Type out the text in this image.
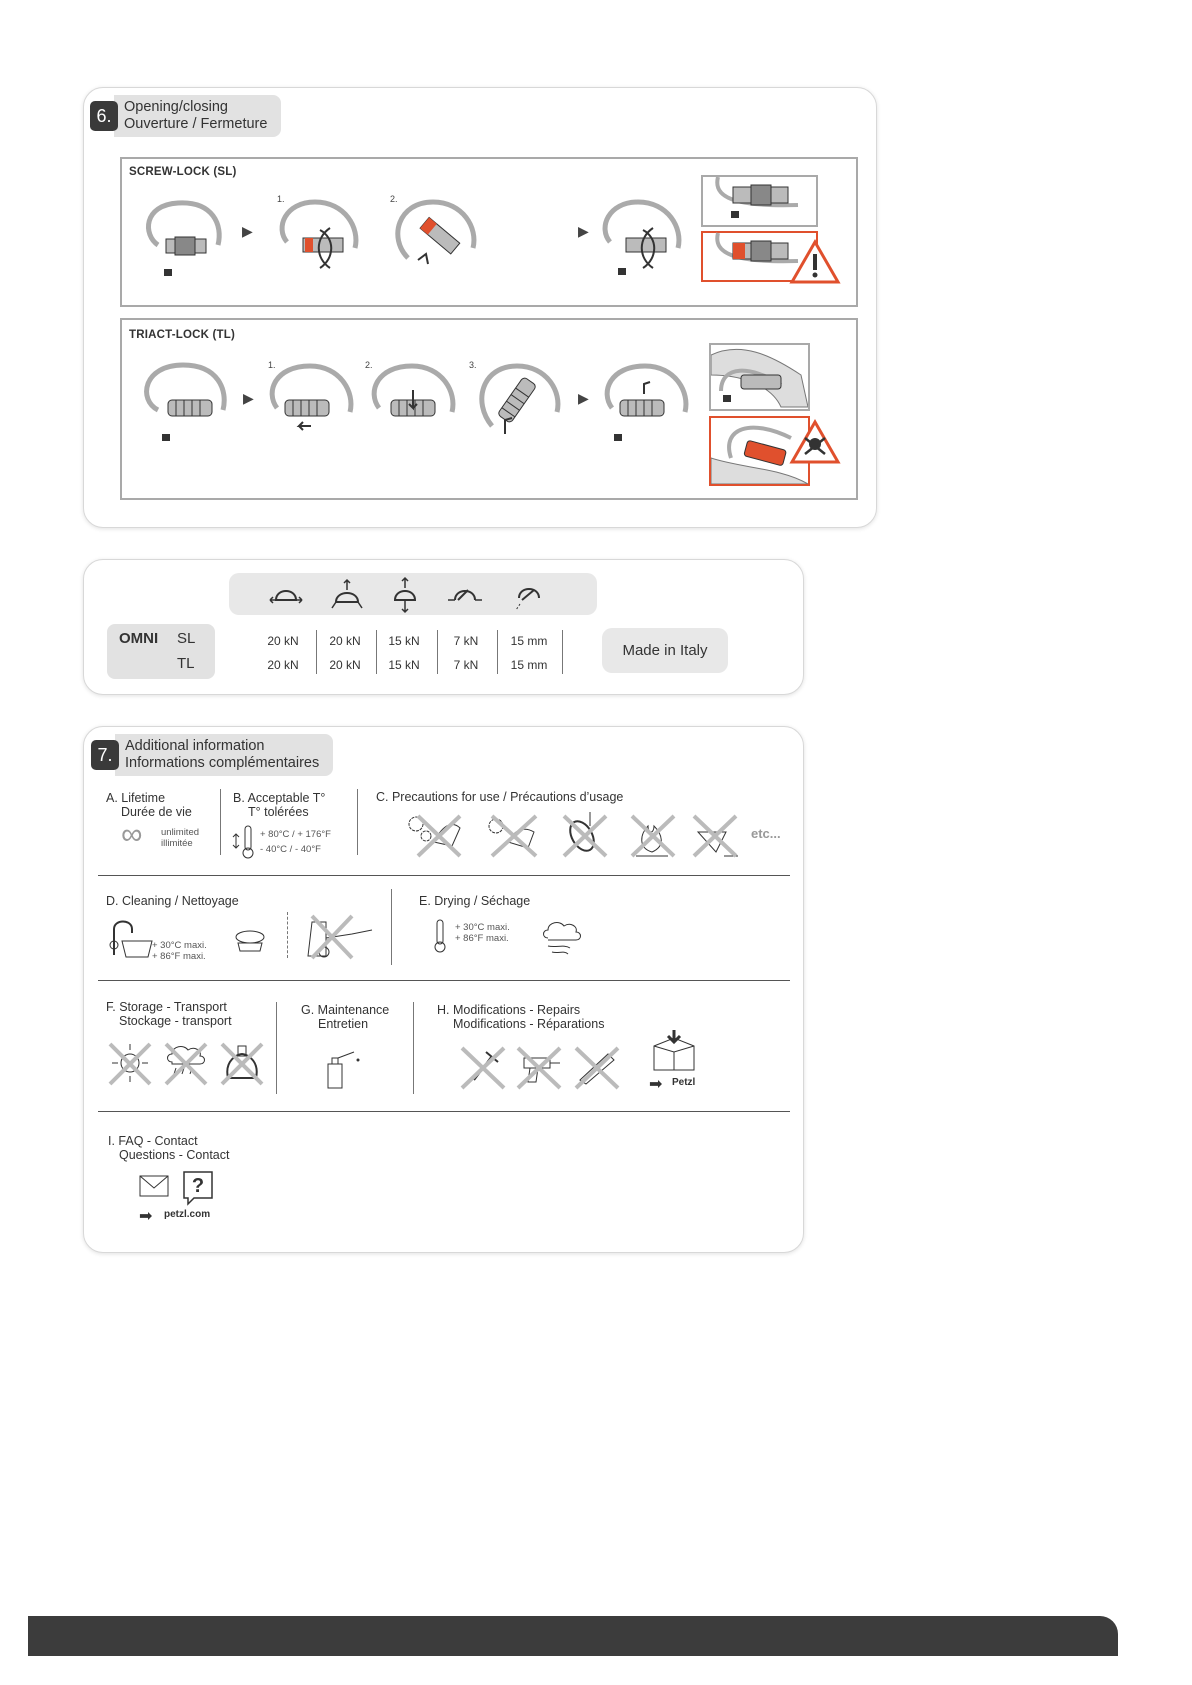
6. Opening/closing
Ouverture / Fermeture
SCREW-LOCK (SL)
▶
1.	2.
▶
TRIACT-LOCK (TL)
▶
1.	2.	3.
▶
OMNI SL
TL
20 kN	20 kN	15 kN	7 kN	15 mm
20 kN	20 kN	15 kN	7 kN	15 mm
Made in Italy
7. Additional information
Informations complémentaires
A. Lifetime
Durée de vie
∞ unlimited
illimitée
B. Acceptable T°
T° tolérées
+ 80°C / + 176°F
- 40°C / - 40°F
C. Precautions for use / Précautions d’usage
etc...
D. Cleaning / Nettoyage
+ 30°C maxi.
+ 86°F maxi.
E. Drying / Séchage
+ 30°C maxi.
+ 86°F maxi.
F. Storage - Transport
Stockage - transport
G. Maintenance
Entretien
H. Modifications - Repairs
Modifications - Réparations
➡ Petzl
I. FAQ - Contact
Questions - Contact
?
➡ petzl.com
